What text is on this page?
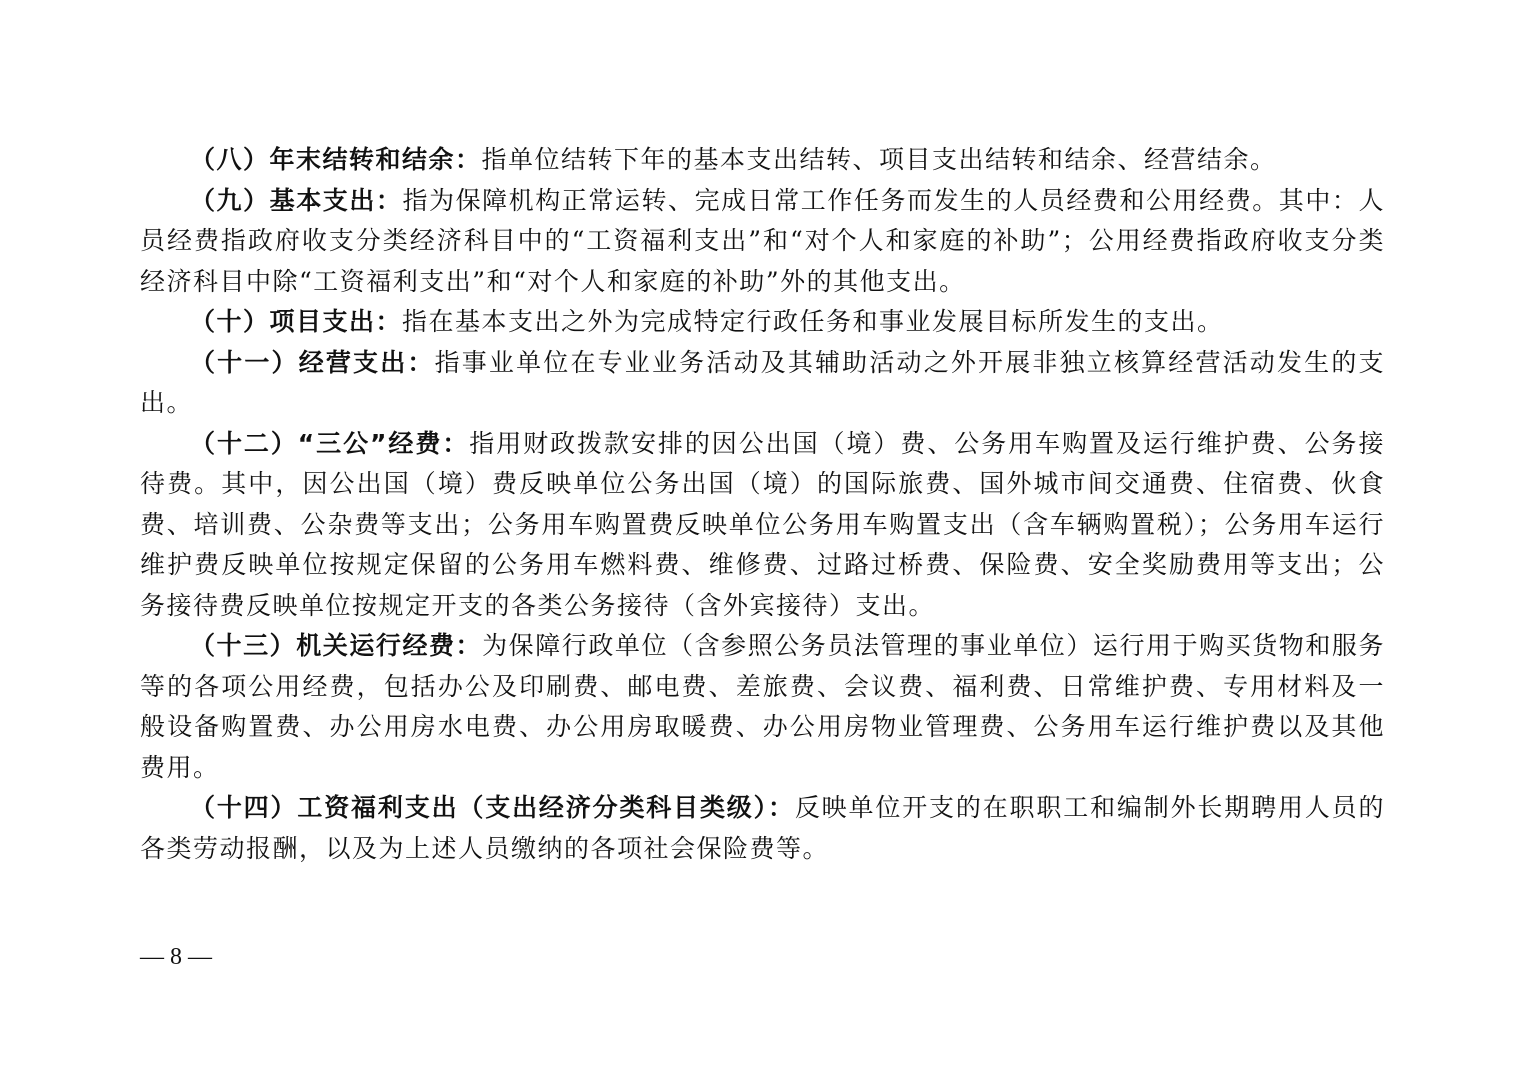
（八）年末结转和结余：指单位结转下年的基本支出结转、项目支出结转和结余、经营结余。

（九）基本支出：指为保障机构正常运转、完成日常工作任务而发生的人员经费和公用经费。其中：人员经费指政府收支分类经济科目中的“工资福利支出”和“对个人和家庭的补助”；公用经费指政府收支分类经济科目中除“工资福利支出”和“对个人和家庭的补助”外的其他支出。

（十）项目支出：指在基本支出之外为完成特定行政任务和事业发展目标所发生的支出。

（十一）经营支出：指事业单位在专业业务活动及其辅助活动之外开展非独立核算经营活动发生的支出。

（十二）“三公”经费：指用财政拨款安排的因公出国（境）费、公务用车购置及运行维护费、公务接待费。其中，因公出国（境）费反映单位公务出国（境）的国际旅费、国外城市间交通费、住宿费、伙食费、培训费、公杂费等支出；公务用车购置费反映单位公务用车购置支出（含车辆购置税）；公务用车运行维护费反映单位按规定保留的公务用车燃料费、维修费、过路过桥费、保险费、安全奖励费用等支出；公务接待费反映单位按规定开支的各类公务接待（含外宾接待）支出。

（十三）机关运行经费：为保障行政单位（含参照公务员法管理的事业单位）运行用于购买货物和服务等的各项公用经费，包括办公及印刷费、邮电费、差旅费、会议费、福利费、日常维护费、专用材料及一般设备购置费、办公用房水电费、办公用房取暖费、办公用房物业管理费、公务用车运行维护费以及其他费用。

（十四）工资福利支出（支出经济分类科目类级）：反映单位开支的在职职工和编制外长期聘用人员的各类劳动报酬，以及为上述人员缴纳的各项社会保险费等。

— 8 —
